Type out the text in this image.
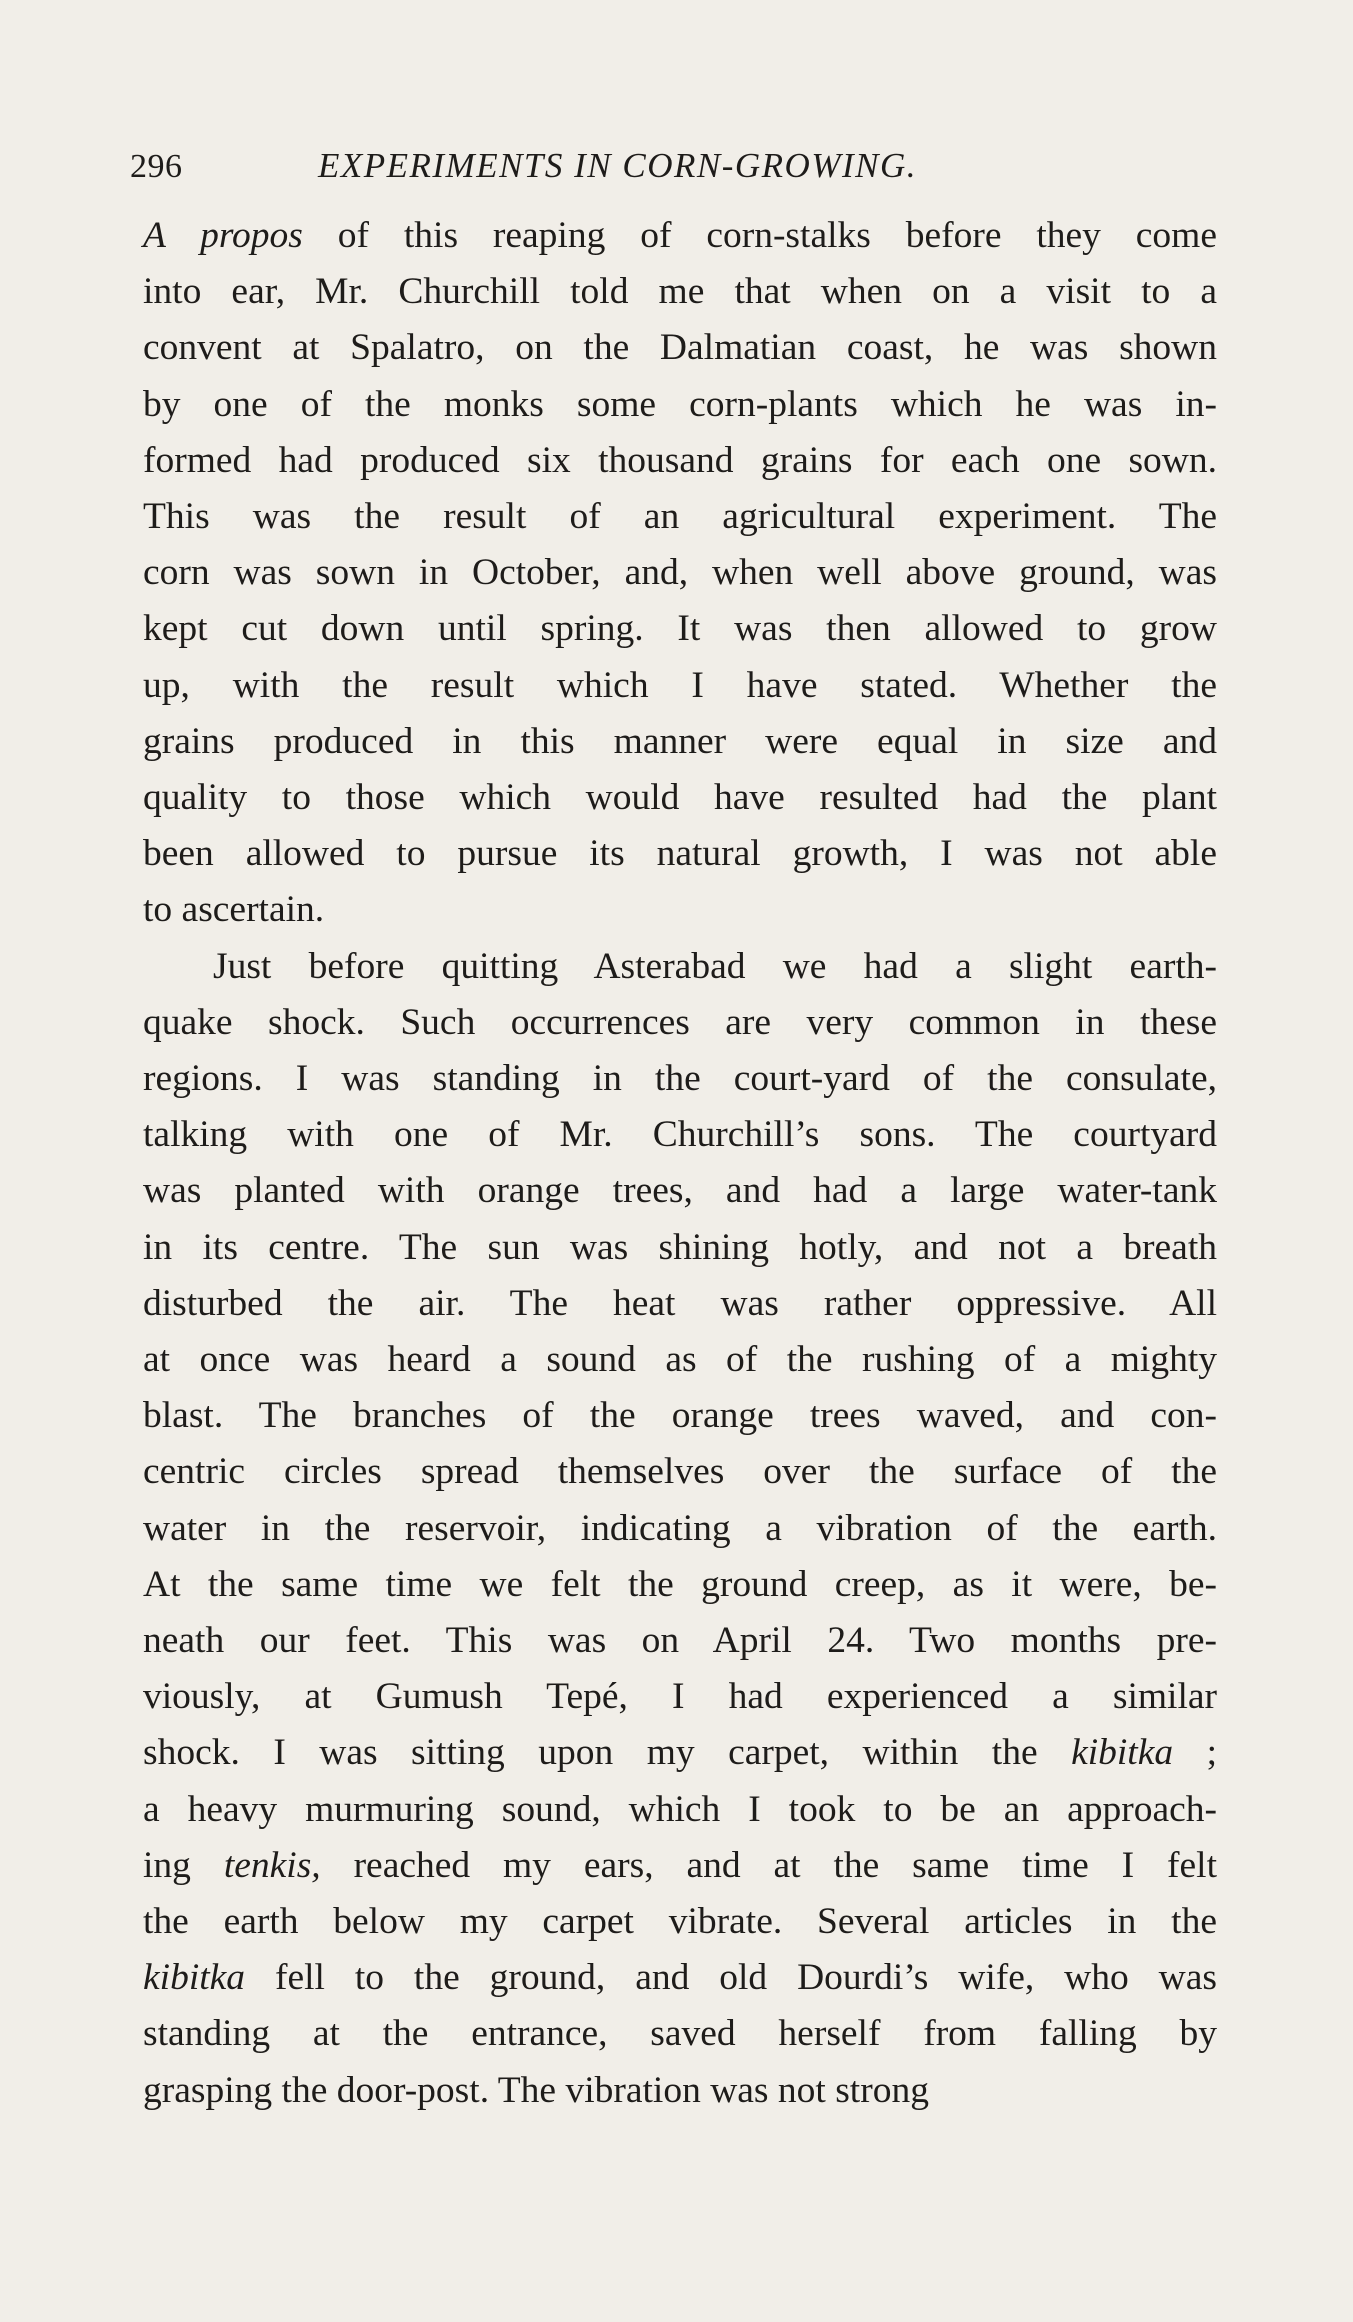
296	EXPERIMENTS IN CORN-GROWING.
A propos of this reaping of corn-stalks before they come
into ear, Mr. Churchill told me that when on a visit to a
convent at Spalatro, on the Dalmatian coast, he was shown
by one of the monks some corn-plants which he was in-
formed had produced six thousand grains for each one sown.
This was the result of an agricultural experiment. The
corn was sown in October, and, when well above ground, was
kept cut down until spring. It was then allowed to grow
up, with the result which I have stated. Whether the
grains produced in this manner were equal in size and
quality to those which would have resulted had the plant
been allowed to pursue its natural growth, I was not able
to ascertain.
Just before quitting Asterabad we had a slight earth-
quake shock. Such occurrences are very common in these
regions. I was standing in the court-yard of the consulate,
talking with one of Mr. Churchill’s sons. The courtyard
was planted with orange trees, and had a large water-tank
in its centre. The sun was shining hotly, and not a breath
disturbed the air. The heat was rather oppressive. All
at once was heard a sound as of the rushing of a mighty
blast. The branches of the orange trees waved, and con-
centric circles spread themselves over the surface of the
water in the reservoir, indicating a vibration of the earth.
At the same time we felt the ground creep, as it were, be-
neath our feet. This was on April 24. Two months pre-
viously, at Gumush Tepé, I had experienced a similar
shock. I was sitting upon my carpet, within the kibitka ;
a heavy murmuring sound, which I took to be an approach-
ing tenkis, reached my ears, and at the same time I felt
the earth below my carpet vibrate. Several articles in the
kibitka fell to the ground, and old Dourdi’s wife, who was
standing at the entrance, saved herself from falling by
grasping the door-post. The vibration was not strong
